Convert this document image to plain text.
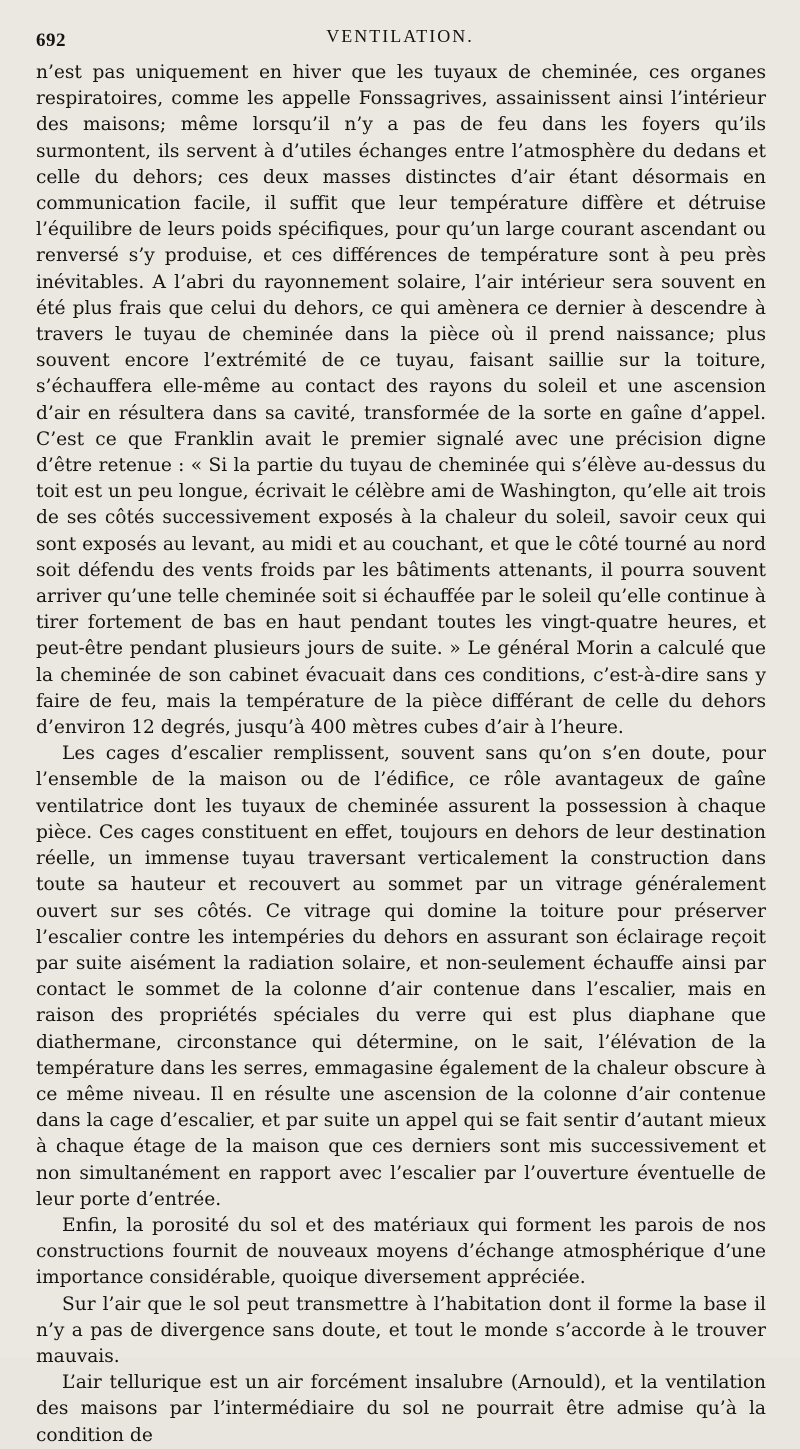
692	VENTILATION.

n’est pas uniquement en hiver que les tuyaux de cheminée, ces organes respiratoires, comme les appelle Fonssagrives, assainissent ainsi l’intérieur des maisons; même lorsqu’il n’y a pas de feu dans les foyers qu’ils surmontent, ils servent à d’utiles échanges entre l’atmosphère du dedans et celle du dehors; ces deux masses distinctes d’air étant désormais en communication facile, il suffit que leur température diffère et détruise l’équilibre de leurs poids spécifiques, pour qu’un large courant ascendant ou renversé s’y produise, et ces différences de température sont à peu près inévitables. A l’abri du rayonnement solaire, l’air intérieur sera souvent en été plus frais que celui du dehors, ce qui amènera ce dernier à descendre à travers le tuyau de cheminée dans la pièce où il prend naissance; plus souvent encore l’extrémité de ce tuyau, faisant saillie sur la toiture, s’échauffera elle-même au contact des rayons du soleil et une ascension d’air en résultera dans sa cavité, transformée de la sorte en gaîne d’appel. C’est ce que Franklin avait le premier signalé avec une précision digne d’être retenue : « Si la partie du tuyau de cheminée qui s’élève au-dessus du toit est un peu longue, écrivait le célèbre ami de Washington, qu’elle ait trois de ses côtés successivement exposés à la chaleur du soleil, savoir ceux qui sont exposés au levant, au midi et au couchant, et que le côté tourné au nord soit défendu des vents froids par les bâtiments attenants, il pourra souvent arriver qu’une telle cheminée soit si échauffée par le soleil qu’elle continue à tirer fortement de bas en haut pendant toutes les vingt-quatre heures, et peut-être pendant plusieurs jours de suite. » Le général Morin a calculé que la cheminée de son cabinet évacuait dans ces conditions, c’est-à-dire sans y faire de feu, mais la température de la pièce différant de celle du dehors d’environ 12 degrés, jusqu’à 400 mètres cubes d’air à l’heure.

Les cages d’escalier remplissent, souvent sans qu’on s’en doute, pour l’ensemble de la maison ou de l’édifice, ce rôle avantageux de gaîne ventilatrice dont les tuyaux de cheminée assurent la possession à chaque pièce. Ces cages constituent en effet, toujours en dehors de leur destination réelle, un immense tuyau traversant verticalement la construction dans toute sa hauteur et recouvert au sommet par un vitrage généralement ouvert sur ses côtés. Ce vitrage qui domine la toiture pour préserver l’escalier contre les intempéries du dehors en assurant son éclairage reçoit par suite aisément la radiation solaire, et non-seulement échauffe ainsi par contact le sommet de la colonne d’air contenue dans l’escalier, mais en raison des propriétés spéciales du verre qui est plus diaphane que diathermane, circonstance qui détermine, on le sait, l’élévation de la température dans les serres, emmagasine également de la chaleur obscure à ce même niveau. Il en résulte une ascension de la colonne d’air contenue dans la cage d’escalier, et par suite un appel qui se fait sentir d’autant mieux à chaque étage de la maison que ces derniers sont mis successivement et non simultanément en rapport avec l’escalier par l’ouverture éventuelle de leur porte d’entrée.

Enfin, la porosité du sol et des matériaux qui forment les parois de nos constructions fournit de nouveaux moyens d’échange atmosphérique d’une importance considérable, quoique diversement appréciée.

Sur l’air que le sol peut transmettre à l’habitation dont il forme la base il n’y a pas de divergence sans doute, et tout le monde s’accorde à le trouver mauvais.

L’air tellurique est un air forcément insalubre (Arnould), et la ventilation des maisons par l’intermédiaire du sol ne pourrait être admise qu’à la condition de
